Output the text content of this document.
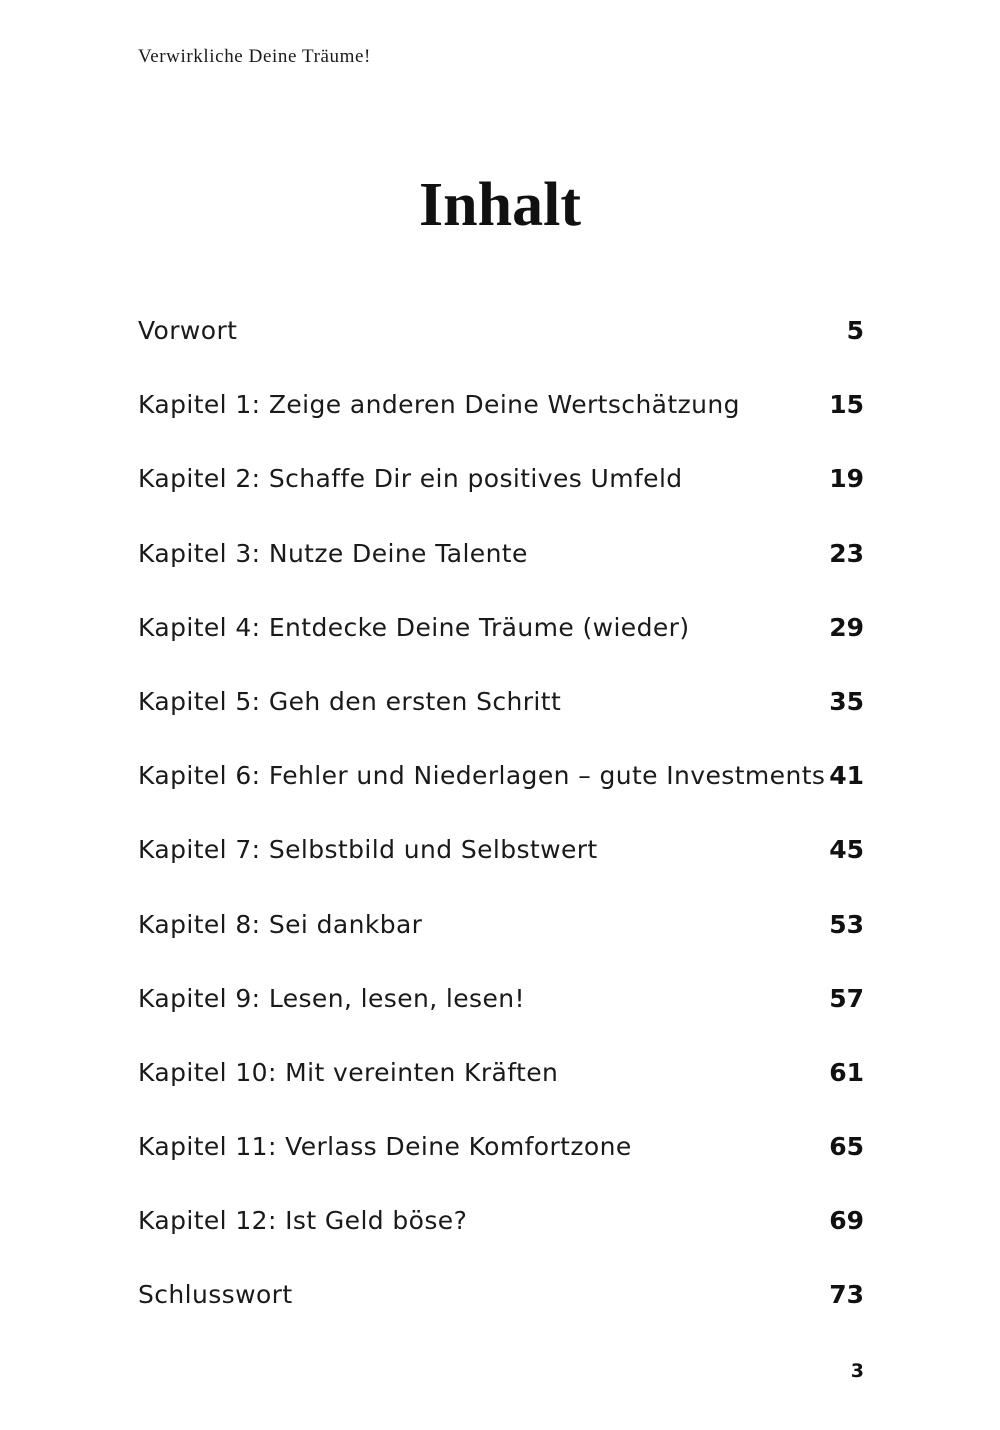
Verwirkliche Deine Träume!
Inhalt
Vorwort	5
Kapitel 1: Zeige anderen Deine Wertschätzung	15
Kapitel 2: Schaffe Dir ein positives Umfeld	19
Kapitel 3: Nutze Deine Talente	23
Kapitel 4: Entdecke Deine Träume (wieder)	29
Kapitel 5: Geh den ersten Schritt	35
Kapitel 6: Fehler und Niederlagen – gute Investments 41
Kapitel 7: Selbstbild und Selbstwert	45
Kapitel 8: Sei dankbar	53
Kapitel 9: Lesen, lesen, lesen!	57
Kapitel 10: Mit vereinten Kräften	61
Kapitel 11: Verlass Deine Komfortzone	65
Kapitel 12: Ist Geld böse?	69
Schlusswort	73
3
